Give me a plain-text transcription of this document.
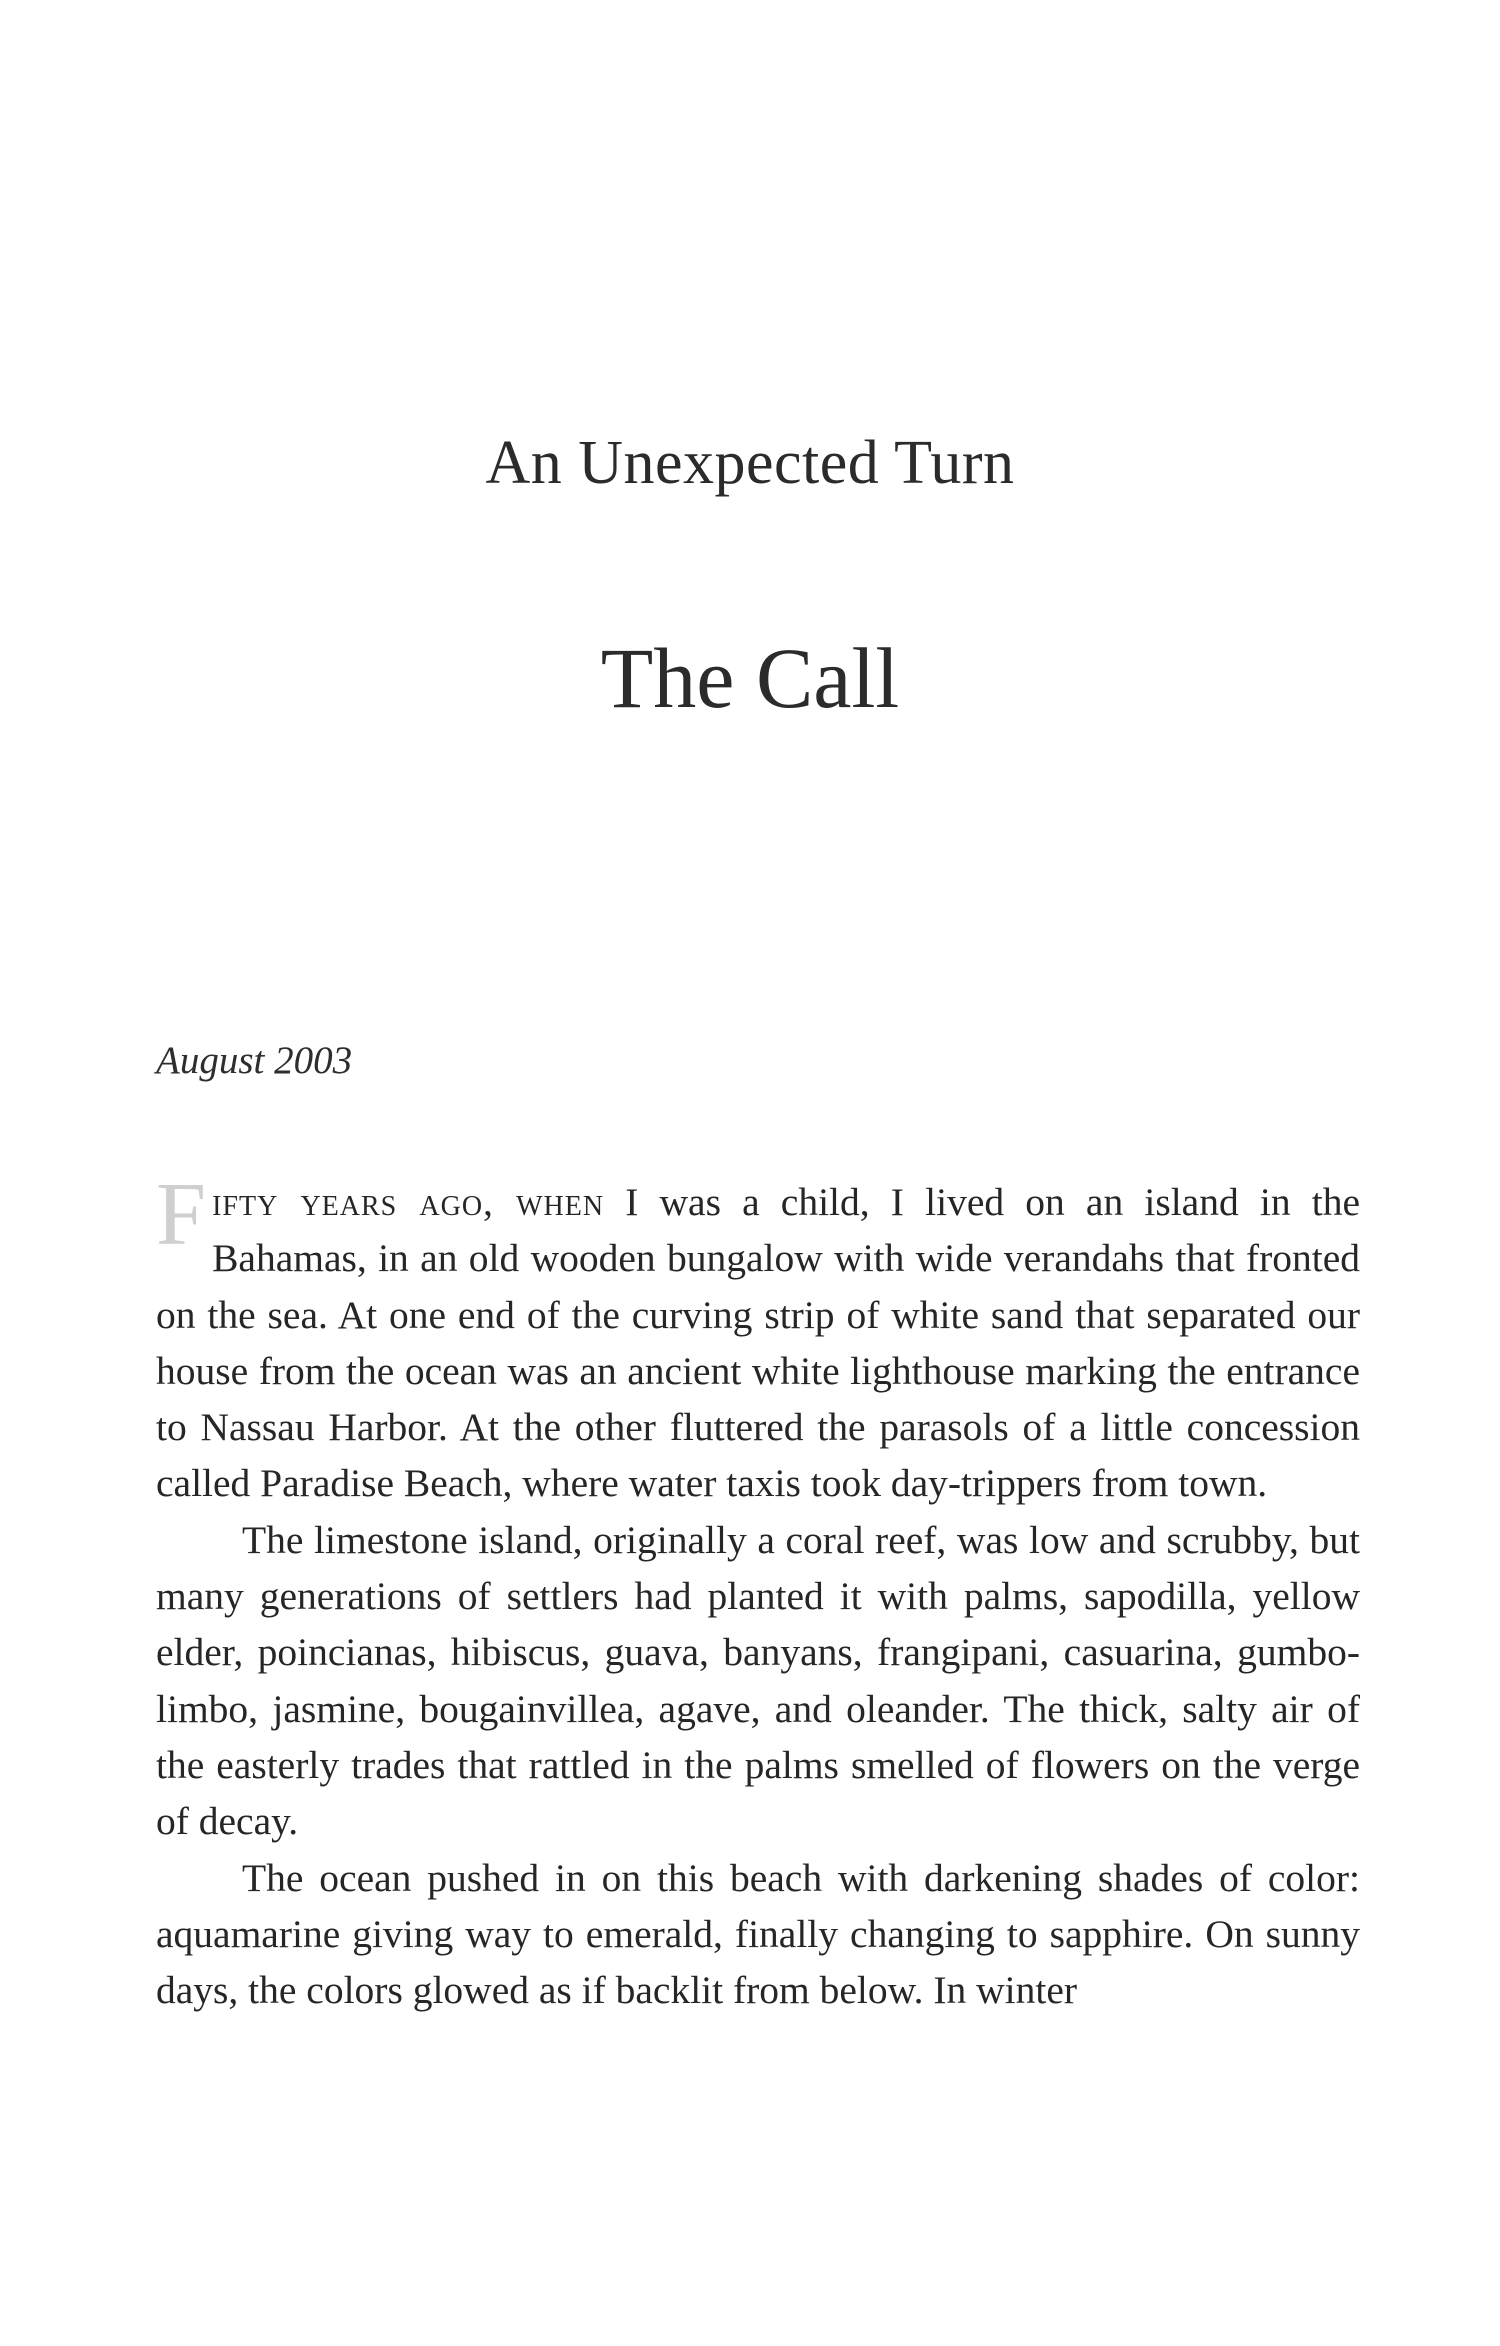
An Unexpected Turn
The Call

August 2003

Fifty years ago, when I was a child, I lived on an island in the Bahamas, in an old wooden bungalow with wide verandahs that fronted on the sea. At one end of the curving strip of white sand that separated our house from the ocean was an ancient white lighthouse marking the entrance to Nassau Harbor. At the other fluttered the parasols of a little concession called Paradise Beach, where water taxis took day-trippers from town.

The limestone island, originally a coral reef, was low and scrubby, but many generations of settlers had planted it with palms, sapodilla, yellow elder, poincianas, hibiscus, guava, banyans, frangipani, casuarina, gumbo-limbo, jasmine, bougainvillea, agave, and oleander. The thick, salty air of the easterly trades that rattled in the palms smelled of flowers on the verge of decay.

The ocean pushed in on this beach with darkening shades of color: aquamarine giving way to emerald, finally changing to sapphire. On sunny days, the colors glowed as if backlit from below. In winter
